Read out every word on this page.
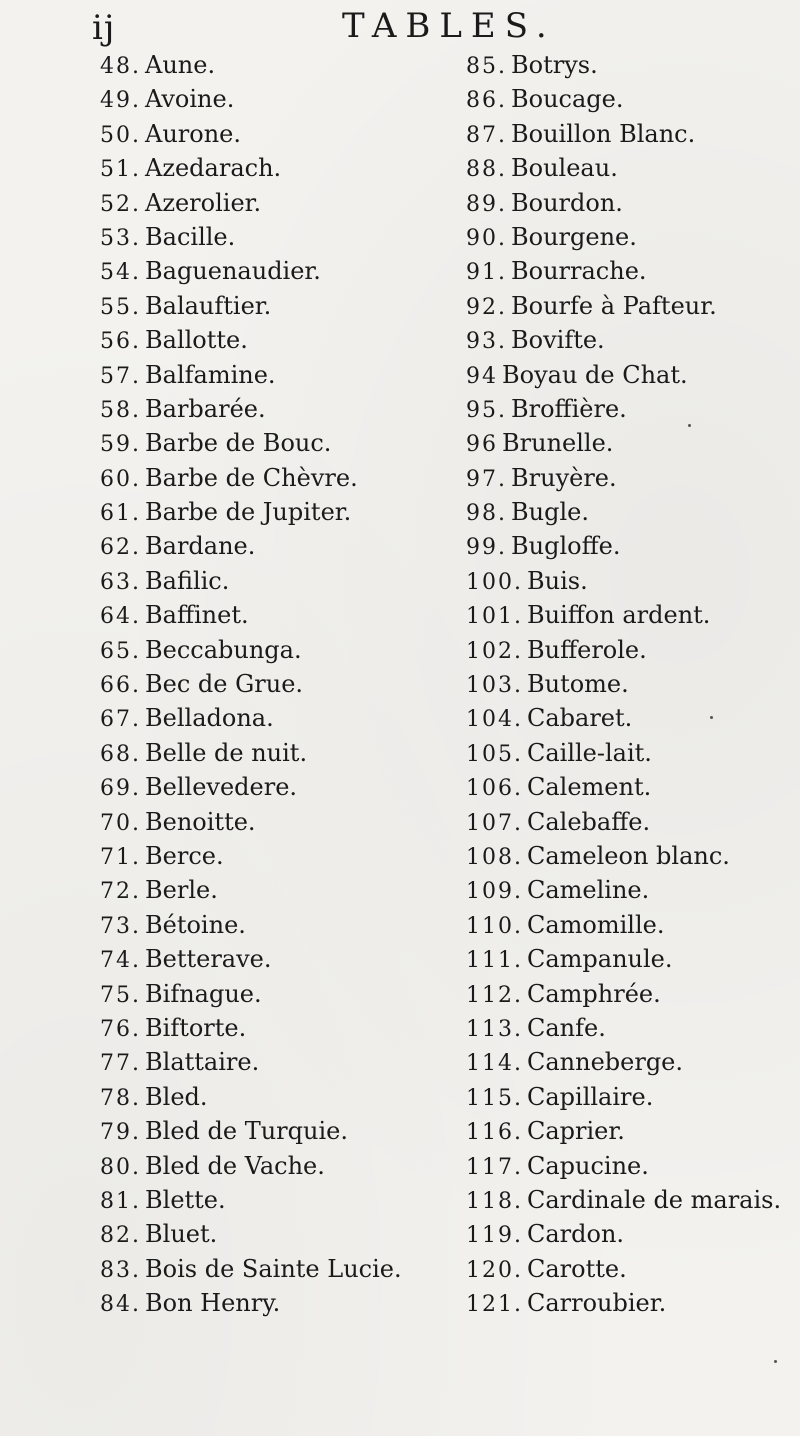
ij	TABLES.
48. Aune.
49. Avoine.
50. Aurone.
51. Azedarach.
52. Azerolier.
53. Bacille.
54. Baguenaudier.
55. Balauftier.
56. Ballotte.
57. Balfamine.
58. Barbarée.
59. Barbe de Bouc.
60. Barbe de Chèvre.
61. Barbe de Jupiter.
62. Bardane.
63. Bafilic.
64. Baffinet.
65. Beccabunga.
66. Bec de Grue.
67. Belladona.
68. Belle de nuit.
69. Bellevedere.
70. Benoitte.
71. Berce.
72. Berle.
73. Bétoine.
74. Betterave.
75. Bifnague.
76. Biftorte.
77. Blattaire.
78. Bled.
79. Bled de Turquie.
80. Bled de Vache.
81. Blette.
82. Bluet.
83. Bois de Sainte Lucie.
84. Bon Henry.
85. Botrys.
86. Boucage.
87. Bouillon Blanc.
88. Bouleau.
89. Bourdon.
90. Bourgene.
91. Bourrache.
92. Bourfe à Pafteur.
93. Bovifte.
94 Boyau de Chat.
95. Broffière.
96 Brunelle.
97. Bruyère.
98. Bugle.
99. Bugloffe.
100. Buis.
101. Buiffon ardent.
102. Bufferole.
103. Butome.
104. Cabaret.
105. Caille-lait.
106. Calement.
107. Calebaffe.
108. Cameleon blanc.
109. Cameline.
110. Camomille.
111. Campanule.
112. Camphrée.
113. Canfe.
114. Canneberge.
115. Capillaire.
116. Caprier.
117. Capucine.
118. Cardinale de marais.
119. Cardon.
120. Carotte.
121. Carroubier.
